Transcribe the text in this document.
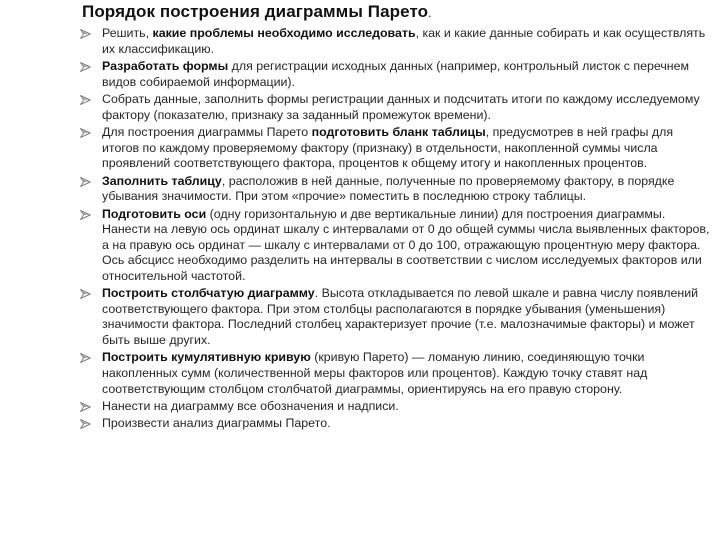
Порядок построения диаграммы Парето.
Решить, какие проблемы необходимо исследовать, как и какие данные собирать и как осуществлять их классификацию.
Разработать формы для регистрации исходных данных (например, контрольный листок с перечнем видов собираемой информации).
Собрать данные, заполнить формы регистрации данных и подсчитать итоги по каждому исследуемому фактору (показателю, признаку за заданный промежуток времени).
Для построения диаграммы Парето подготовить бланк таблицы, предусмотрев в ней графы для итогов по каждому проверяемому фактору (признаку) в отдельности, накопленной суммы числа проявлений соответствующего фактора, процентов к общему итогу и накопленных процентов.
Заполнить таблицу, расположив в ней данные, полученные по проверяемому фактору, в порядке убывания значимости. При этом «прочие» поместить в последнюю строку таблицы.
Подготовить оси (одну горизонтальную и две вертикальные линии) для построения диаграммы. Нанести на левую ось ординат шкалу с интервалами от 0 до общей суммы числа выявленных факторов, а на правую ось ординат — шкалу с интервалами от 0 до 100, отражающую процентную меру фактора. Ось абсцисс необходимо разделить на интервалы в соответствии с числом исследуемых факторов или относительной частотой.
Построить столбчатую диаграмму. Высота откладывается по левой шкале и равна числу появлений соответствующего фактора. При этом столбцы располагаются в порядке убывания (уменьшения) значимости фактора. Последний столбец характеризует прочие (т.е. малозначимые факторы) и может быть выше других.
Построить кумулятивную кривую (кривую Парето) — ломаную линию, соединяющую точки накопленных сумм (количественной меры факторов или процентов). Каждую точку ставят над соответствующим столбцом столбчатой диаграммы, ориентируясь на его правую сторону.
Нанести на диаграмму все обозначения и надписи.
Произвести анализ диаграммы Парето.
